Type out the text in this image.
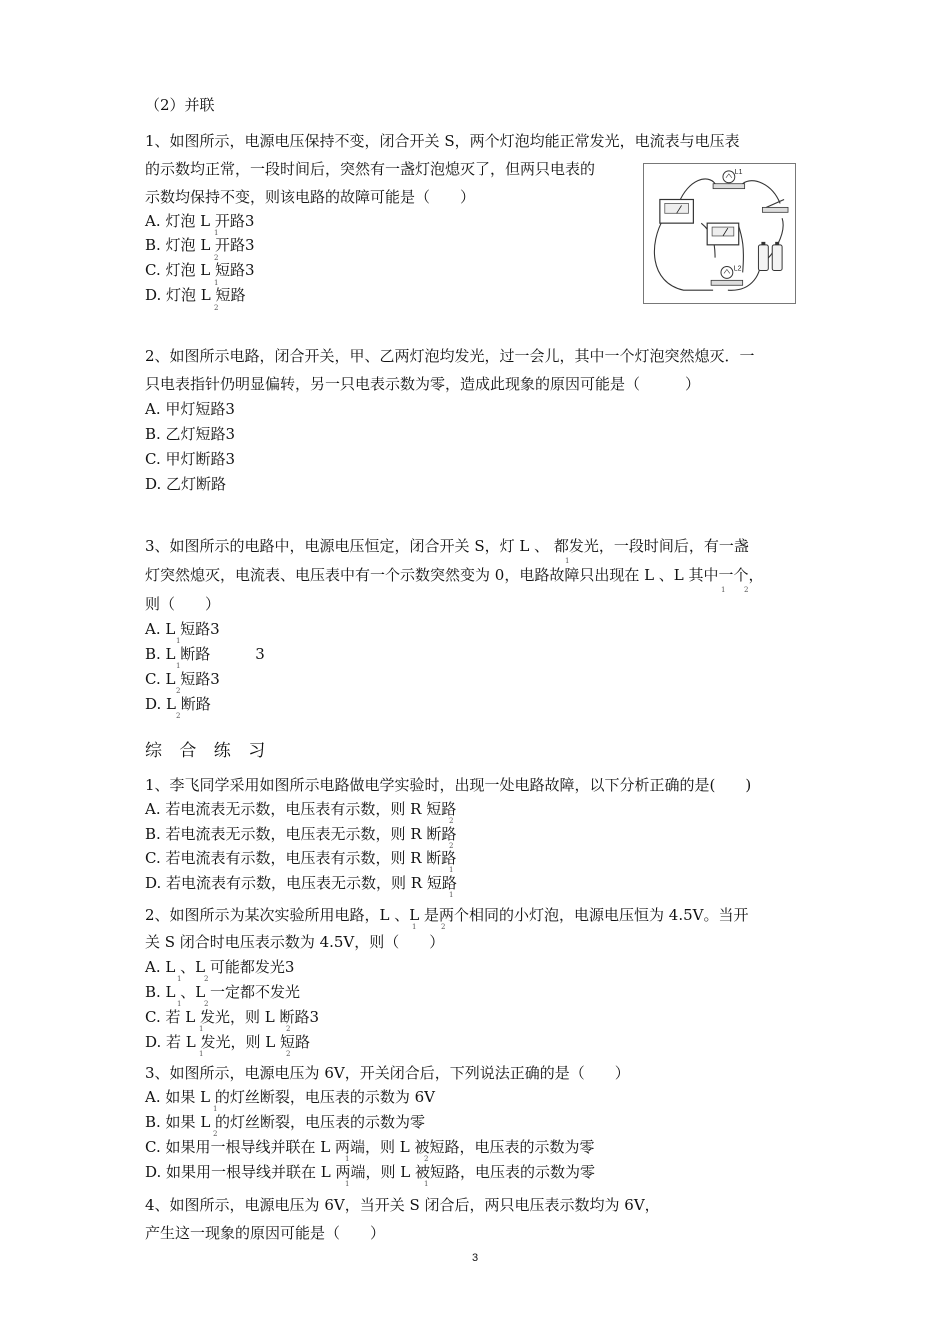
（2）并联
1、如图所示，电源电压保持不变，闭合开关 S，两个灯泡均能正常发光，电流表与电压表
的示数均正常，一段时间后，突然有一盏灯泡熄灭了，但两只电表的
示数均保持不变，则该电路的故障可能是（　　）
A. 灯泡 L 开路3
B. 灯泡 L 开路3
C. 灯泡 L 短路3
D. 灯泡 L 短路
1
2
1
2
L1
L2
2、如图所示电路，闭合开关，甲、乙两灯泡均发光，过一会儿，其中一个灯泡突然熄灭．一
只电表指针仍明显偏转，另一只电表示数为零，造成此现象的原因可能是（　　　）
A. 甲灯短路3
B. 乙灯短路3
C. 甲灯断路3
D. 乙灯断路
3、如图所示的电路中，电源电压恒定，闭合开关 S，灯 L 、 都发光，一段时间后，有一盏
灯突然熄灭，电流表、电压表中有一个示数突然变为 0，电路故障只出现在 L 、L 其中一个，
则（　　）
1
1	2
A. L 短路3
B. L 断路　　　3
C. L 短路3
D. L 断路
1
1
2
2
综 合 练 习
1、李飞同学采用如图所示电路做电学实验时，出现一处电路故障，以下分析正确的是(　　)
A. 若电流表无示数，电压表有示数，则 R 短路
B. 若电流表无示数，电压表无示数，则 R 断路
C. 若电流表有示数，电压表有示数，则 R 断路
D. 若电流表有示数，电压表无示数，则 R 短路
2
2
1
1
2、如图所示为某次实验所用电路，L 、L 是两个相同的小灯泡，电源电压恒为 4.5V。当开
关 S 闭合时电压表示数为 4.5V，则（　　）
1	2
A. L 、L 可能都发光3
B. L 、L 一定都不发光
C. 若 L 发光，则 L 断路3
D. 若 L 发光，则 L 短路
1	2
1	2
1	2
1	2
3、如图所示，电源电压为 6V，开关闭合后，下列说法正确的是（　　）
A. 如果 L 的灯丝断裂，电压表的示数为 6V
B. 如果 L 的灯丝断裂，电压表的示数为零
C. 如果用一根导线并联在 L 两端，则 L 被短路，电压表的示数为零
D. 如果用一根导线并联在 L 两端，则 L 被短路，电压表的示数为零
1
2
1	2
1	1
4、如图所示，电源电压为 6V，当开关 S 闭合后，两只电压表示数均为 6V，
产生这一现象的原因可能是（　　）
3
